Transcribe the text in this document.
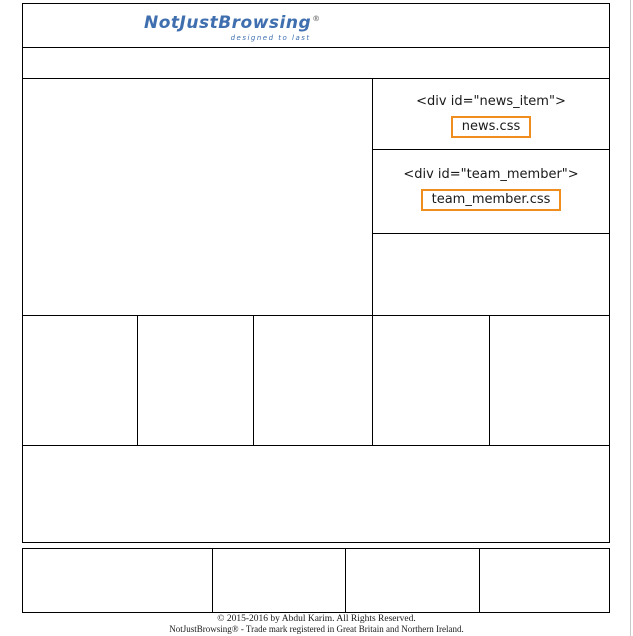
NotJustBrowsing®
designed to last
<div id="news_item">
news.css
<div id="team_member">
team_member.css
© 2015-2016 by Abdul Karim. All Rights Reserved.
NotJustBrowsing® - Trade mark registered in Great Britain and Northern Ireland.
